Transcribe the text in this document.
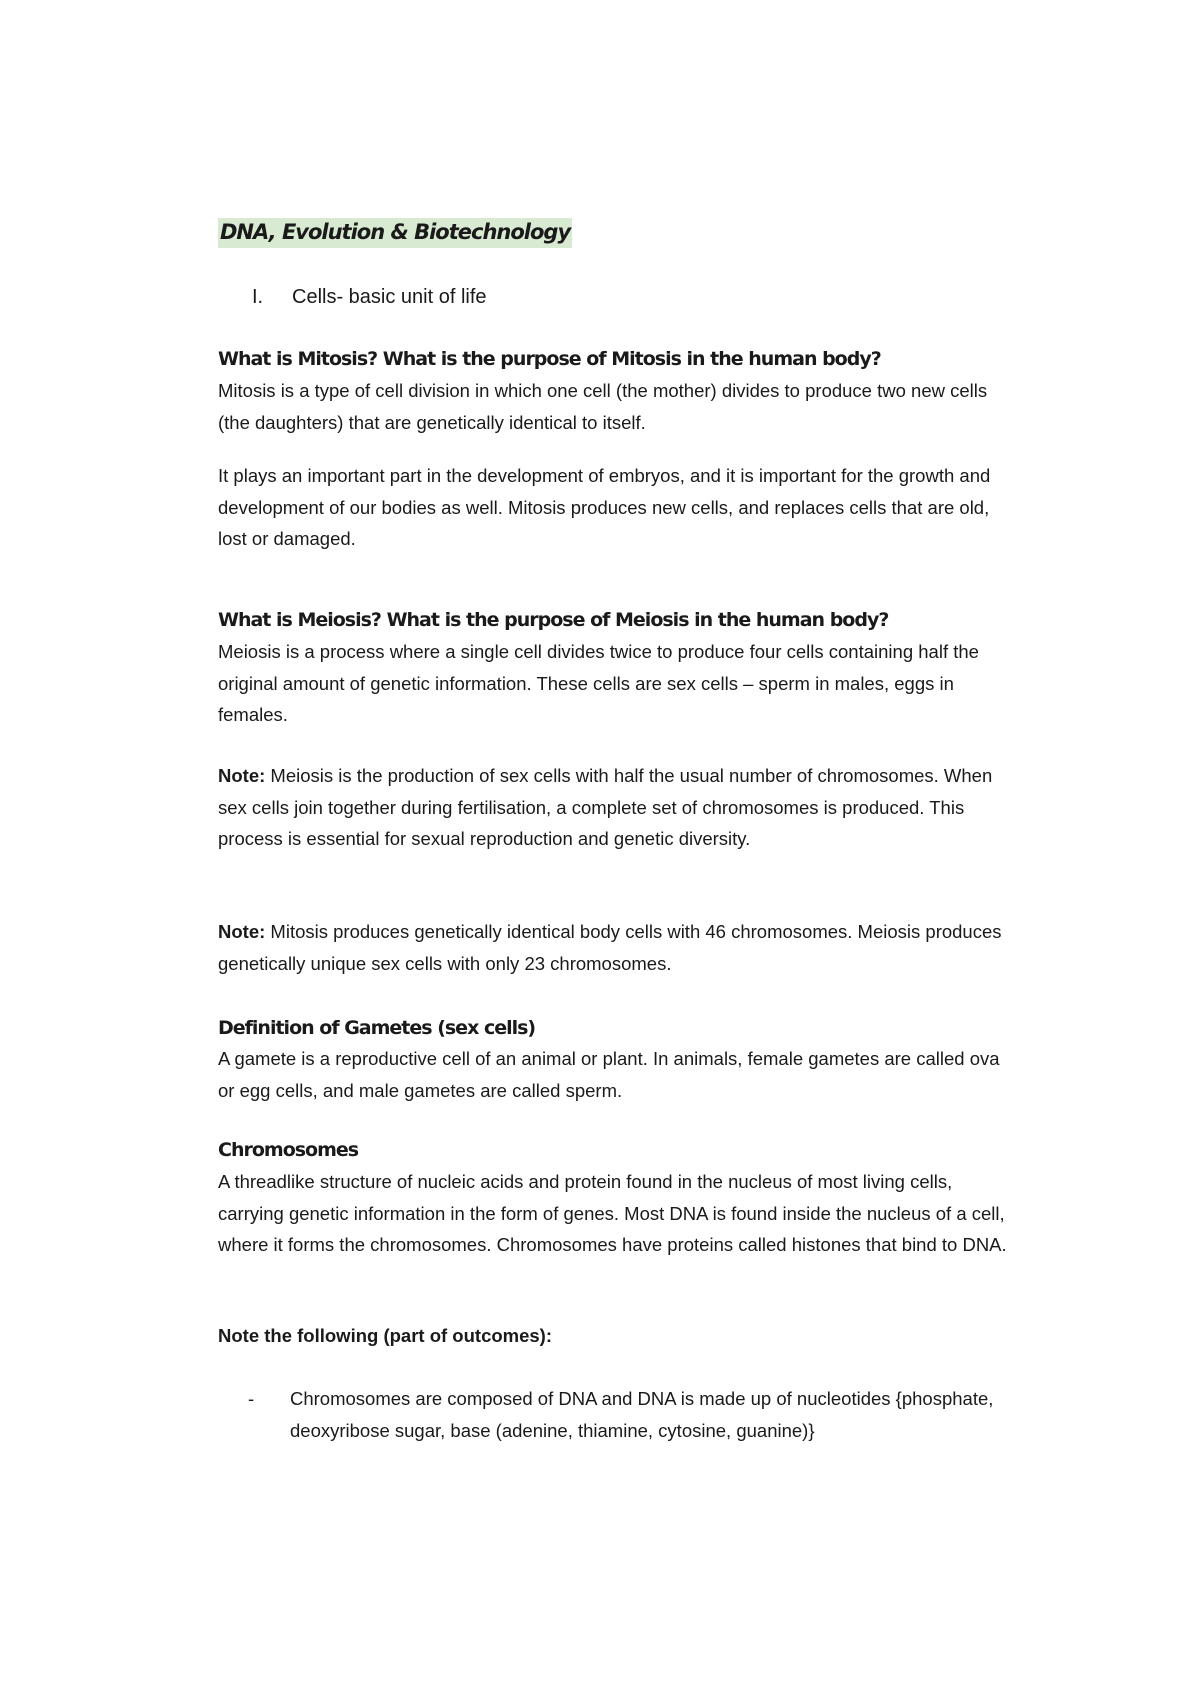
DNA, Evolution & Biotechnology
I. Cells- basic unit of life
What is Mitosis? What is the purpose of Mitosis in the human body?
Mitosis is a type of cell division in which one cell (the mother) divides to produce two new cells (the daughters) that are genetically identical to itself.
It plays an important part in the development of embryos, and it is important for the growth and development of our bodies as well. Mitosis produces new cells, and replaces cells that are old, lost or damaged.
What is Meiosis? What is the purpose of Meiosis in the human body?
Meiosis is a process where a single cell divides twice to produce four cells containing half the original amount of genetic information. These cells are sex cells – sperm in males, eggs in females.
Note: Meiosis is the production of sex cells with half the usual number of chromosomes. When sex cells join together during fertilisation, a complete set of chromosomes is produced. This process is essential for sexual reproduction and genetic diversity.
Note: Mitosis produces genetically identical body cells with 46 chromosomes. Meiosis produces genetically unique sex cells with only 23 chromosomes.
Definition of Gametes (sex cells)
A gamete is a reproductive cell of an animal or plant. In animals, female gametes are called ova or egg cells, and male gametes are called sperm.
Chromosomes
A threadlike structure of nucleic acids and protein found in the nucleus of most living cells, carrying genetic information in the form of genes. Most DNA is found inside the nucleus of a cell, where it forms the chromosomes. Chromosomes have proteins called histones that bind to DNA.
Note the following (part of outcomes):
- Chromosomes are composed of DNA and DNA is made up of nucleotides {phosphate, deoxyribose sugar, base (adenine, thiamine, cytosine, guanine)}
